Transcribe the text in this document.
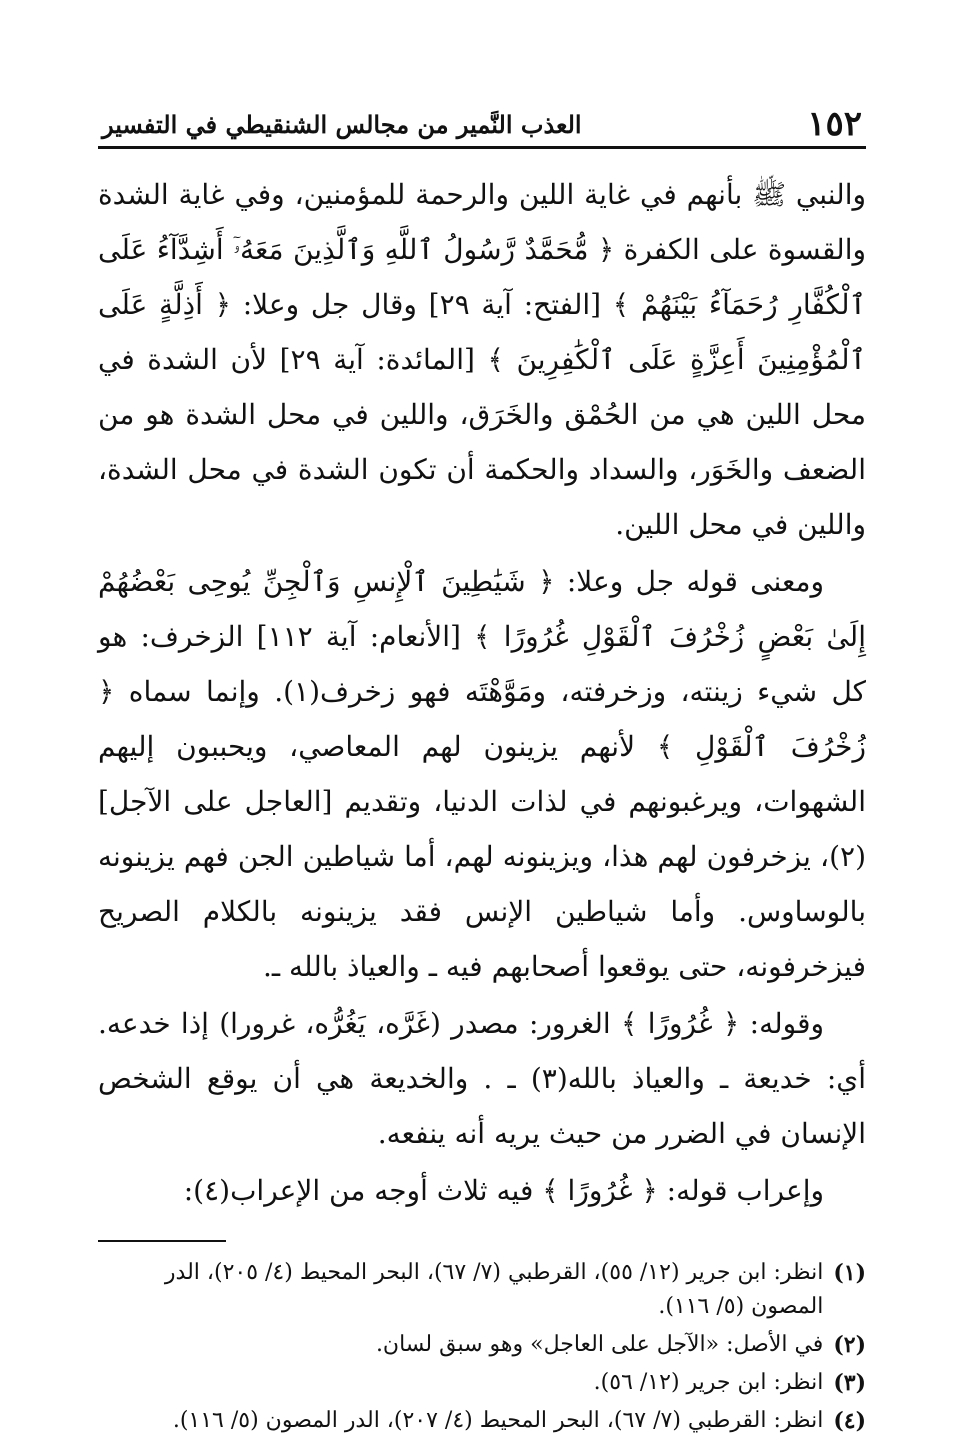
١٥٢
العذب النَّمير من مجالس الشنقيطي في التفسير

والنبي ﷺ بأنهم في غاية اللين والرحمة للمؤمنين، وفي غاية الشدة والقسوة على الكفرة ﴿ مُّحَمَّدٌ رَّسُولُ ٱللَّهِ وَٱلَّذِينَ مَعَهُۥٓ أَشِدَّآءُ عَلَى ٱلْكُفَّارِ رُحَمَآءُ بَيْنَهُمْ ﴾ [الفتح: آية ٢٩] وقال جل وعلا: ﴿ أَذِلَّةٍ عَلَى ٱلْمُؤْمِنِينَ أَعِزَّةٍ عَلَى ٱلْكَٰفِرِينَ ﴾ [المائدة: آية ٢٩] لأن الشدة في محل اللين هي من الحُمْق والخَرَق، واللين في محل الشدة هو من الضعف والخَوَر، والسداد والحكمة أن تكون الشدة في محل الشدة، واللين في محل اللين.

ومعنى قوله جل وعلا: ﴿ شَيَٰطِينَ ٱلْإِنسِ وَٱلْجِنِّ يُوحِى بَعْضُهُمْ إِلَىٰ بَعْضٍ زُخْرُفَ ٱلْقَوْلِ غُرُورًا ﴾ [الأنعام: آية ١١٢] الزخرف: هو كل شيء زينته، وزخرفته، ومَوَّهْتَه فهو زخرف(١). وإنما سماه ﴿ زُخْرُفَ ٱلْقَوْلِ ﴾ لأنهم يزينون لهم المعاصي، ويحببون إليهم الشهوات، ويرغبونهم في لذات الدنيا، وتقديم [العاجل على الآجل](٢)، يزخرفون لهم هذا، ويزينونه لهم، أما شياطين الجن فهم يزينونه بالوساوس. وأما شياطين الإنس فقد يزينونه بالكلام الصريح فيزخرفونه، حتى يوقعوا أصحابهم فيه ـ والعياذ بالله ـ.

وقوله: ﴿ غُرُورًا ﴾ الغرور: مصدر (غَرَّه، يَغُرُّه، غرورا) إذا خدعه. أي: خديعة ـ والعياذ بالله(٣) ـ . والخديعة هي أن يوقع الشخص الإنسان في الضرر من حيث يريه أنه ينفعه.

وإعراب قوله: ﴿ غُرُورًا ﴾ فيه ثلاث أوجه من الإعراب(٤):

(١)
انظر: ابن جرير (١٢/ ٥٥)، القرطبي (٧/ ٦٧)، البحر المحيط (٤/ ٢٠٥)، الدر المصون (٥/ ١١٦).
(٢)
في الأصل: «الآجل على العاجل» وهو سبق لسان.
(٣)
انظر: ابن جرير (١٢/ ٥٦).
(٤)
انظر: القرطبي (٧/ ٦٧)، البحر المحيط (٤/ ٢٠٧)، الدر المصون (٥/ ١١٦).
